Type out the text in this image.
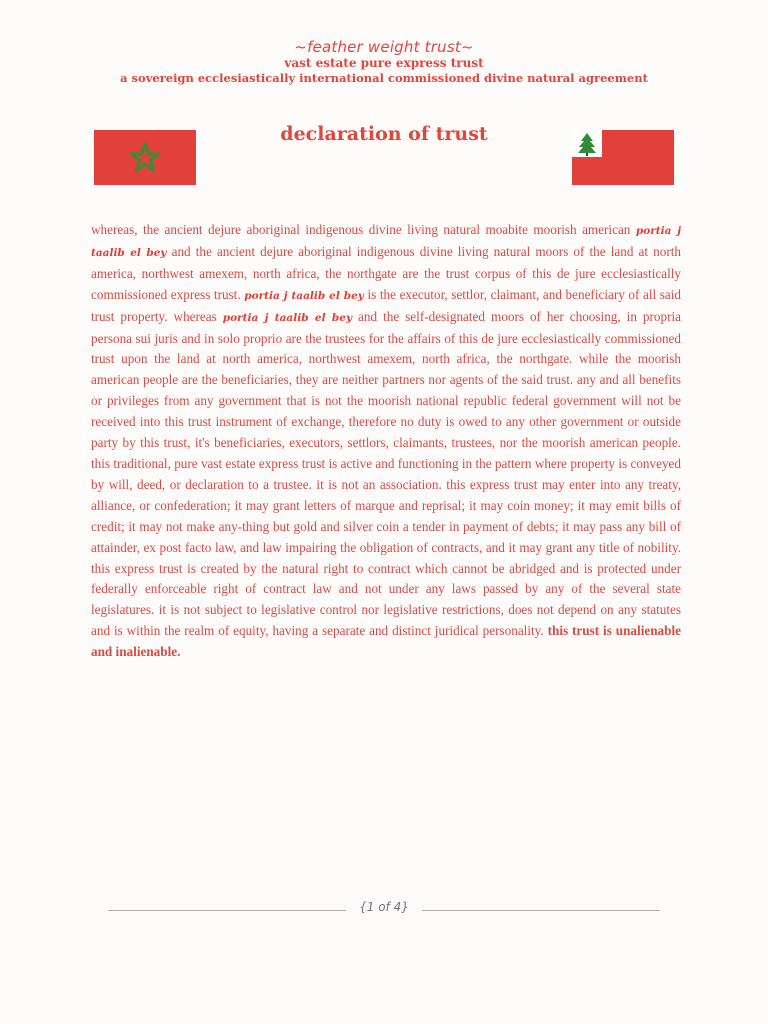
~feather weight trust~
vast estate pure express trust
a sovereign ecclesiastically international commissioned divine natural agreement
declaration of trust
whereas, the ancient dejure aboriginal indigenous divine living natural moabite moorish american portia j taalib el bey and the ancient dejure aboriginal indigenous divine living natural moors of the land at north america, northwest amexem, north africa, the northgate are the trust corpus of this de jure ecclesiastically commissioned express trust. portia j taalib el bey is the executor, settlor, claimant, and beneficiary of all said trust property. whereas portia j taalib el bey and the self-designated moors of her choosing, in propria persona sui juris and in solo proprio are the trustees for the affairs of this de jure ecclesiastically commissioned trust upon the land at north america, northwest amexem, north africa, the northgate. while the moorish american people are the beneficiaries, they are neither partners nor agents of the said trust. any and all benefits or privileges from any government that is not the moorish national republic federal government will not be received into this trust instrument of exchange, therefore no duty is owed to any other government or outside party by this trust, it's beneficiaries, executors, settlors, claimants, trustees, nor the moorish american people. this traditional, pure vast estate express trust is active and functioning in the pattern where property is conveyed by will, deed, or declaration to a trustee. it is not an association. this express trust may enter into any treaty, alliance, or confederation; it may grant letters of marque and reprisal; it may coin money; it may emit bills of credit; it may not make any-thing but gold and silver coin a tender in payment of debts; it may pass any bill of attainder, ex post facto law, and law impairing the obligation of contracts, and it may grant any title of nobility. this express trust is created by the natural right to contract which cannot be abridged and is protected under federally enforceable right of contract law and not under any laws passed by any of the several state legislatures. it is not subject to legislative control nor legislative restrictions, does not depend on any statutes and is within the realm of equity, having a separate and distinct juridical personality. this trust is unalienable and inalienable.
{1 of 4}
